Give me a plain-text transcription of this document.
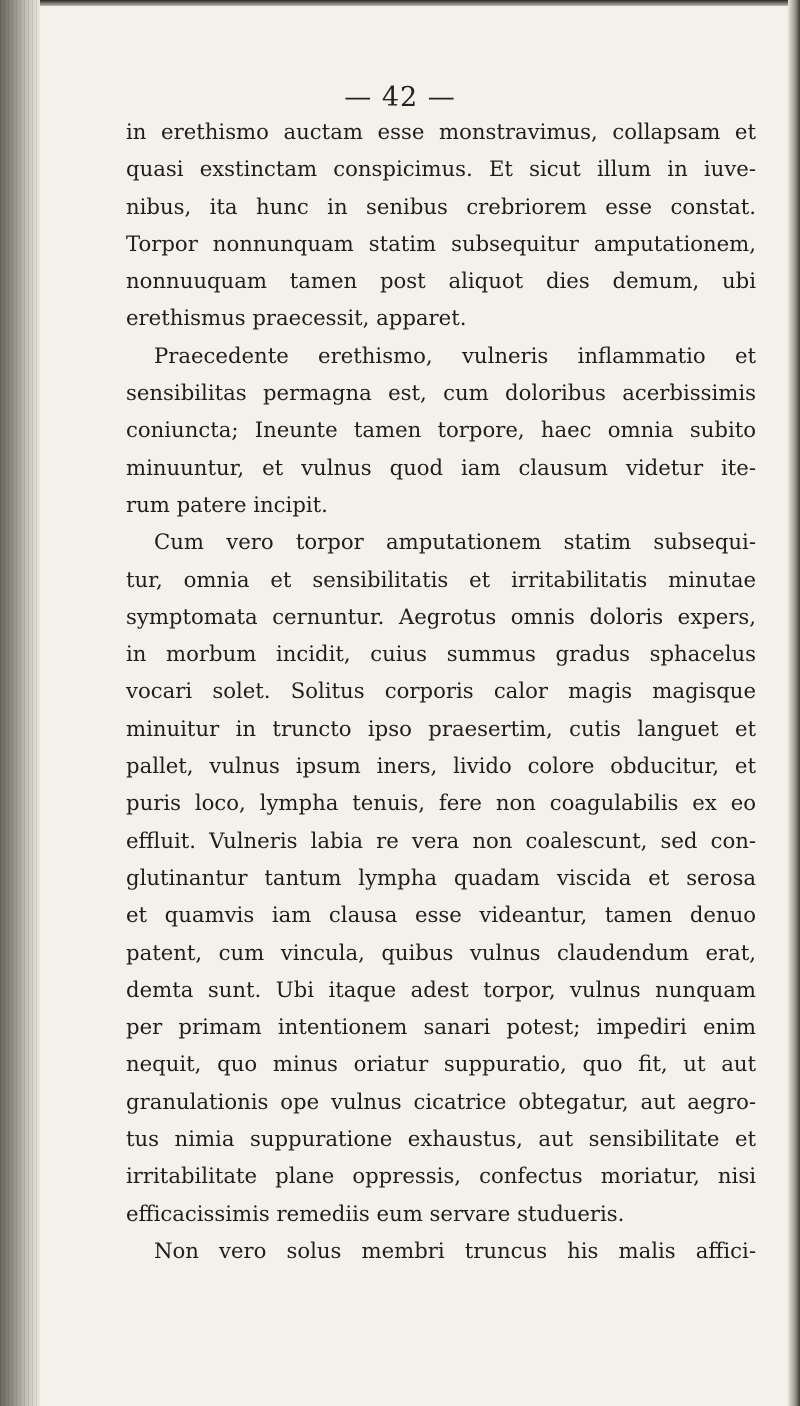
— 42 —
in erethismo auctam esse monstravimus, collapsam et
quasi exstinctam conspicimus. Et sicut illum in iuve-
nibus, ita hunc in senibus crebriorem esse constat.
Torpor nonnunquam statim subsequitur amputationem,
nonnuuquam tamen post aliquot dies demum, ubi
erethismus praecessit, apparet.
Praecedente erethismo, vulneris inflammatio et
sensibilitas permagna est, cum doloribus acerbissimis
coniuncta; Ineunte tamen torpore, haec omnia subito
minuuntur, et vulnus quod iam clausum videtur ite-
rum patere incipit.
Cum vero torpor amputationem statim subsequi-
tur, omnia et sensibilitatis et irritabilitatis minutae
symptomata cernuntur. Aegrotus omnis doloris expers,
in morbum incidit, cuius summus gradus sphacelus
vocari solet. Solitus corporis calor magis magisque
minuitur in truncto ipso praesertim, cutis languet et
pallet, vulnus ipsum iners, livido colore obducitur, et
puris loco, lympha tenuis, fere non coagulabilis ex eo
effluit. Vulneris labia re vera non coalescunt, sed con-
glutinantur tantum lympha quadam viscida et serosa
et quamvis iam clausa esse videantur, tamen denuo
patent, cum vincula, quibus vulnus claudendum erat,
demta sunt. Ubi itaque adest torpor, vulnus nunquam
per primam intentionem sanari potest; impediri enim
nequit, quo minus oriatur suppuratio, quo fit, ut aut
granulationis ope vulnus cicatrice obtegatur, aut aegro-
tus nimia suppuratione exhaustus, aut sensibilitate et
irritabilitate plane oppressis, confectus moriatur, nisi
efficacissimis remediis eum servare studueris.
Non vero solus membri truncus his malis affici-
